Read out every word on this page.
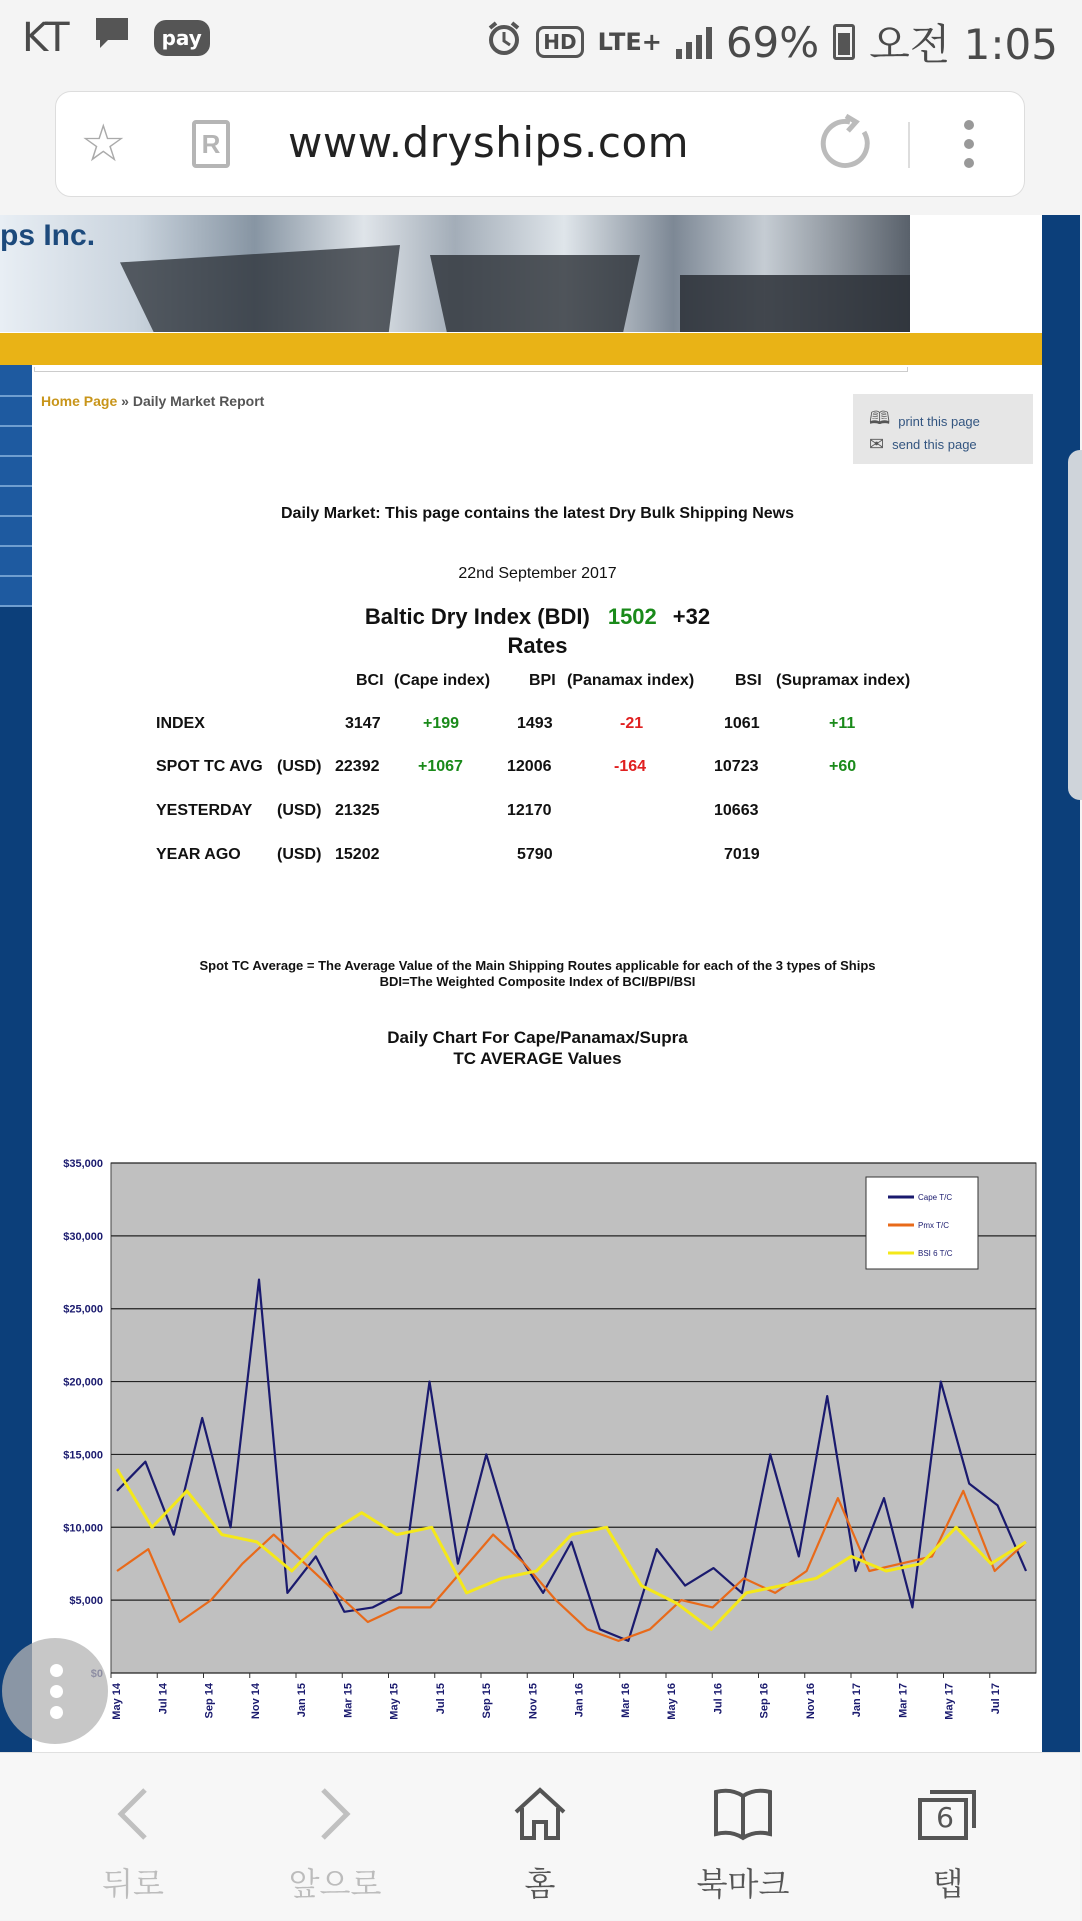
KT	pay	HD LTE+ 69% 오전 1:05
☆	R www.dryships.com
ps Inc.
Home Page » Daily Market Report
🕮 print this page
✉ send this page
Daily Market: This page contains the latest Dry Bulk Shipping News
22nd September 2017
Baltic Dry Index (BDI) 1502 +32
Rates
BCI (Cape index) BPI (Panamax index)	BSI (Supramax index)
INDEX	3147	+199	1493	-21	1061	+11
SPOT TC AVG (USD) 22392 +1067	12006	-164	10723	+60
YESTERDAY (USD) 21325	12170	10663
YEAR AGO (USD) 15202	5790	7019
Spot TC Average = The Average Value of the Main Shipping Routes applicable for each of the 3 types of Ships
BDI=The Weighted Composite Index of BCI/BPI/BSI
Daily Chart For Cape/Panamax/Supra
TC AVERAGE Values
$5,000
$10,000
$15,000
$20,000
$25,000
$30,000
$35,000
May 14	Jul 14	Sep 14	Nov 14	Jan 15	Mar 15	May 15	Jul 15	Sep 15	Nov 15	Jan 16	Mar 16	May 16	Jul 16	Sep 16	Nov 16	Jan 17	Mar 17	May 17	Jul 17
Cape T/C
Pmx T/C
BSI 6 T/C
뒤로	앞으로	홈	북마크
6
탭
